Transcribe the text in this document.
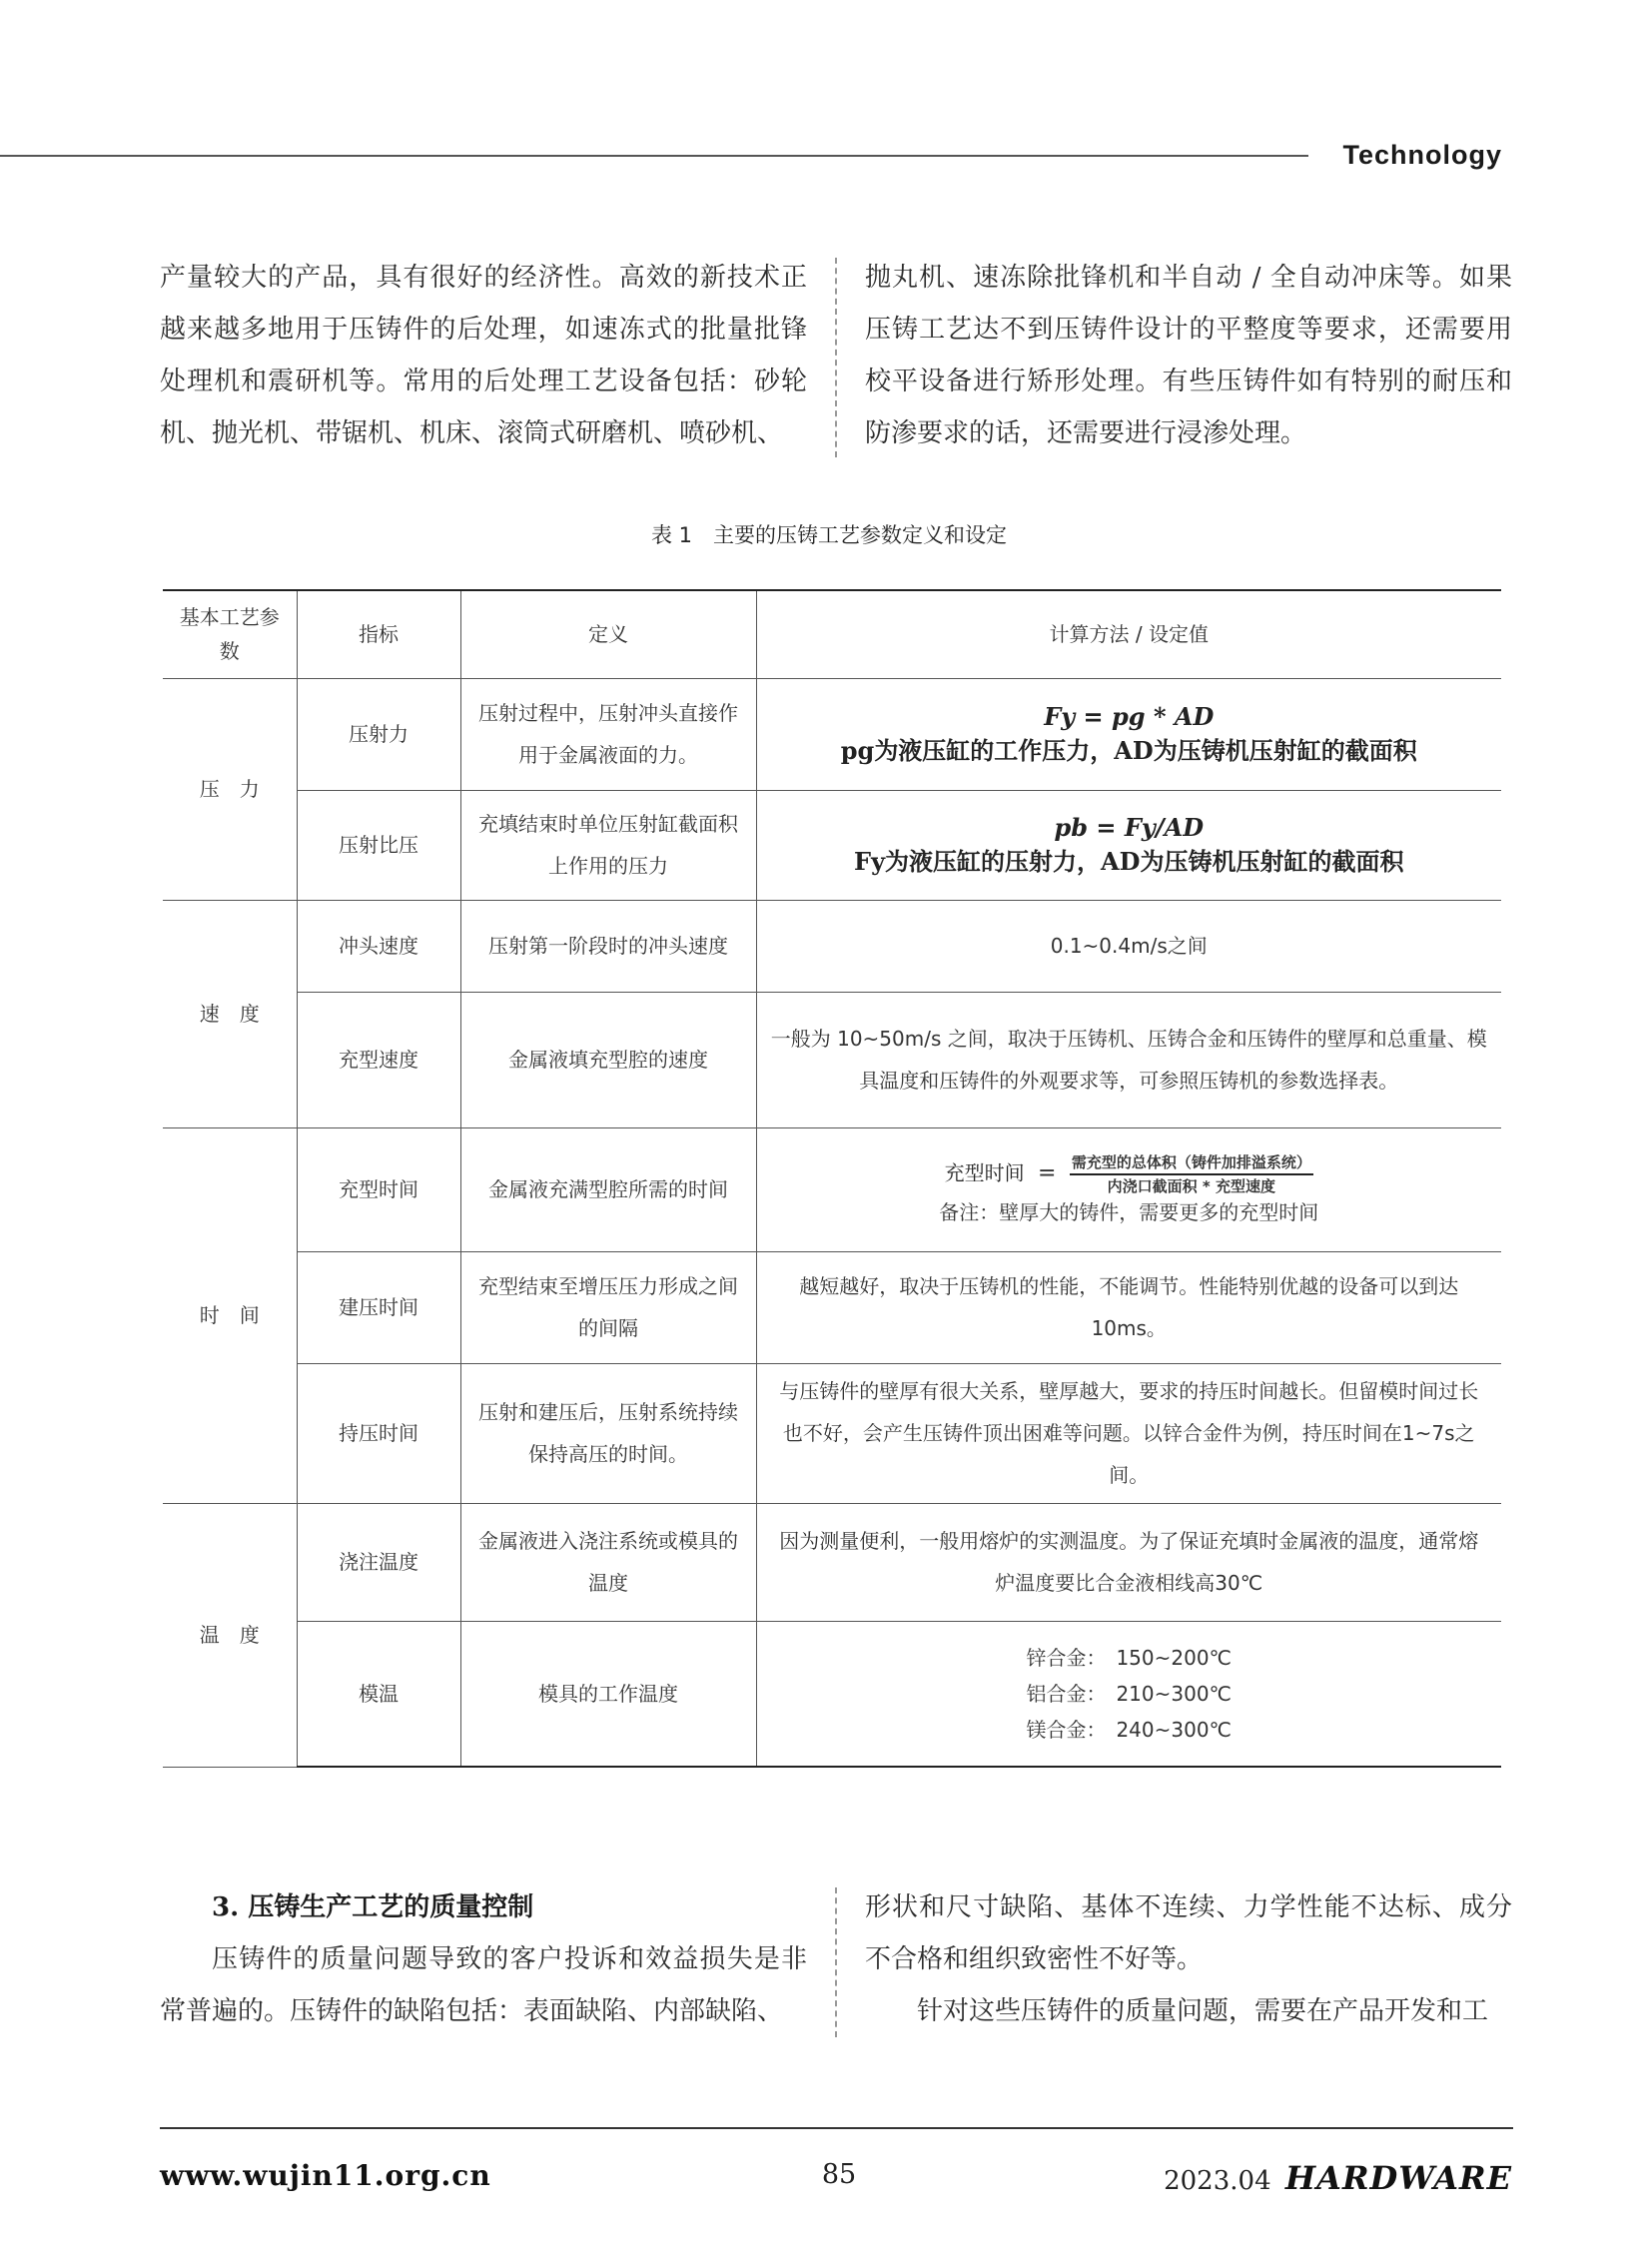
Technology

产量较大的产品，具有很好的经济性。高效的新技术正越来越多地用于压铸件的后处理，如速冻式的批量批锋处理机和震研机等。常用的后处理工艺设备包括：砂轮机、抛光机、带锯机、机床、滚筒式研磨机、喷砂机、

抛丸机、速冻除批锋机和半自动 / 全自动冲床等。如果压铸工艺达不到压铸件设计的平整度等要求，还需要用校平设备进行矫形处理。有些压铸件如有特别的耐压和防渗要求的话，还需要进行浸渗处理。

表 1　主要的压铸工艺参数定义和设定
基本工艺参　数	指标	定义	计算方法 / 设定值
压　力	压射力	压射过程中，压射冲头直接作用于金属液面的力。	Fy = pg * AD
pg为液压缸的工作压力，AD为压铸机压射缸的截面积

	压射比压	充填结束时单位压射缸截面积上作用的压力	pb = Fy/AD
Fy为液压缸的压射力，AD为压铸机压射缸的截面积

速　度	冲头速度	压射第一阶段时的冲头速度	0.1~0.4m/s之间
	充型速度	金属液填充型腔的速度	一般为 10~50m/s 之间，取决于压铸机、压铸合金和压铸件的壁厚和总重量、模具温度和压铸件的外观要求等，可参照压铸机的参数选择表。
时　间	充型时间	金属液充满型腔所需的时间	充型时间  = $\frac{\text{需充型的总体积（铸件加排溢系统）}}{\text{内浇口截面积 * 充型速度}}$
备注：壁厚大的铸件，需要更多的充型时间

	建压时间	充型结束至增压压力形成之间的间隔	越短越好，取决于压铸机的性能，不能调节。性能特别优越的设备可以到达10ms。
	持压时间	压射和建压后，压射系统持续保持高压的时间。	与压铸件的壁厚有很大关系，壁厚越大，要求的持压时间越长。但留模时间过长也不好，会产生压铸件顶出困难等问题。以锌合金件为例，持压时间在1~7s之间。
温　度	浇注温度	金属液进入浇注系统或模具的温度	因为测量便利，一般用熔炉的实测温度。为了保证充填时金属液的温度，通常熔炉温度要比合金液相线高30℃
	模温	模具的工作温度	锌合金：　150~200℃
铝合金：　210~300℃
镁合金：　240~300℃

3. 压铸生产工艺的质量控制

压铸件的质量问题导致的客户投诉和效益损失是非常普遍的。压铸件的缺陷包括：表面缺陷、内部缺陷、

形状和尺寸缺陷、基体不连续、力学性能不达标、成分不合格和组织致密性不好等。

针对这些压铸件的质量问题，需要在产品开发和工

www.wujin11.org.cn	85	2023.04 HARDWARE
